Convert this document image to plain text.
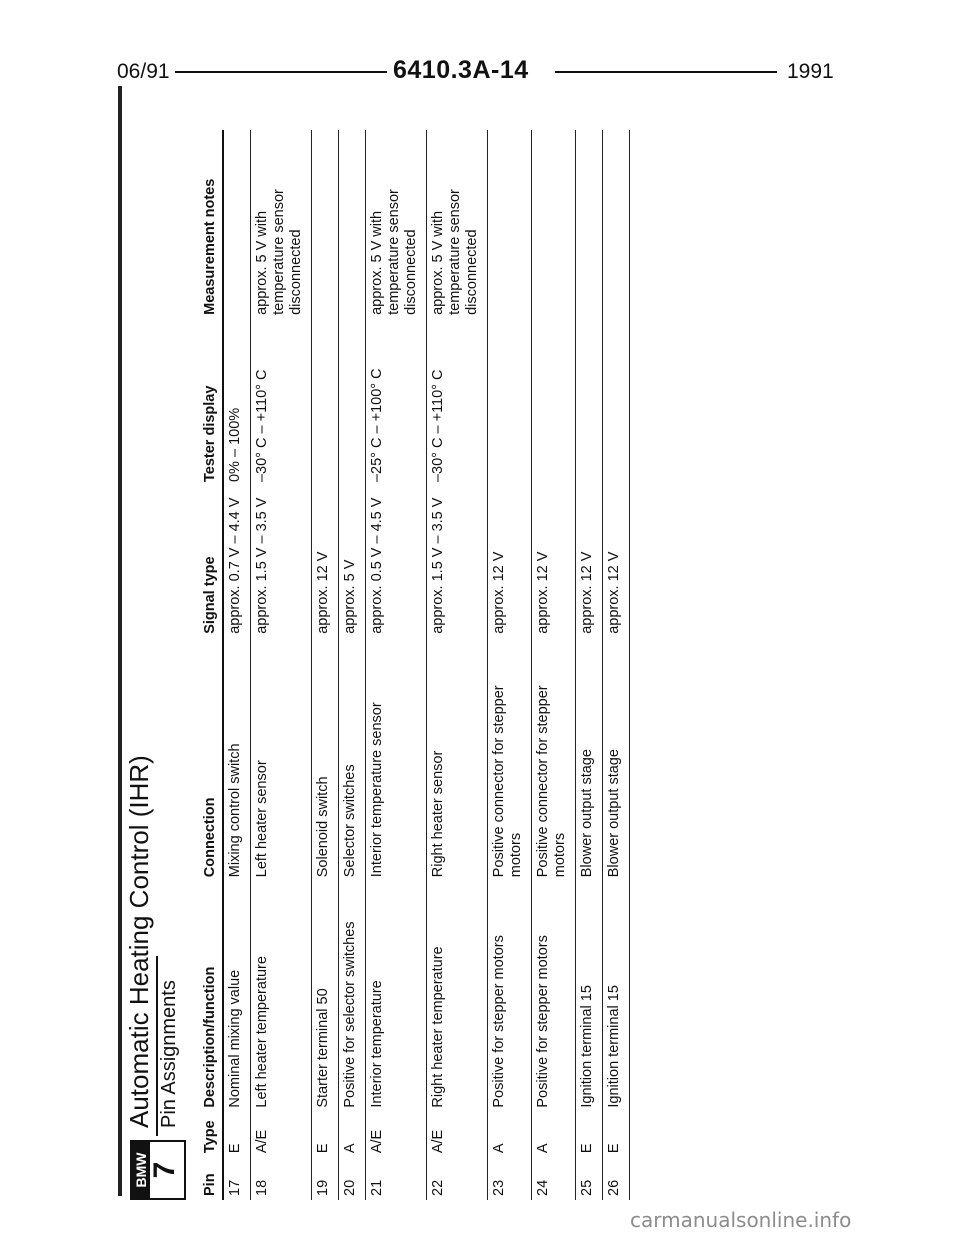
06/91	6410.3A-14	1991
BMW 7
Automatic Heating Control (IHR) Pin Assignments
Pin	Type	Description/function	Connection	Signal type	Tester display	Measurement notes
17	E	Nominal mixing value	Mixing control switch	approx. 0.7 V – 4.4 V	0% – 100%	
18	A/E	Left heater temperature	Left heater sensor	approx. 1.5 V – 3.5 V	–30° C – +110° C	approx. 5 V with temperature sensor disconnected
19	E	Starter terminal 50	Solenoid switch	approx. 12 V		
20	A	Positive for selector switches	Selector switches	approx. 5 V		
21	A/E	Interior temperature	Interior temperature sensor	approx. 0.5 V – 4.5 V	–25° C – +100° C	approx. 5 V with temperature sensor disconnected
22	A/E	Right heater temperature	Right heater sensor	approx. 1.5 V – 3.5 V	–30° C – +110° C	approx. 5 V with temperature sensor disconnected
23	A	Positive for stepper motors	Positive connector for stepper motors	approx. 12 V		
24	A	Positive for stepper motors	Positive connector for stepper motors	approx. 12 V		
25	E	Ignition terminal 15	Blower output stage	approx. 12 V		
26	E	Ignition terminal 15	Blower output stage	approx. 12 V		
carmanualsonline.info
